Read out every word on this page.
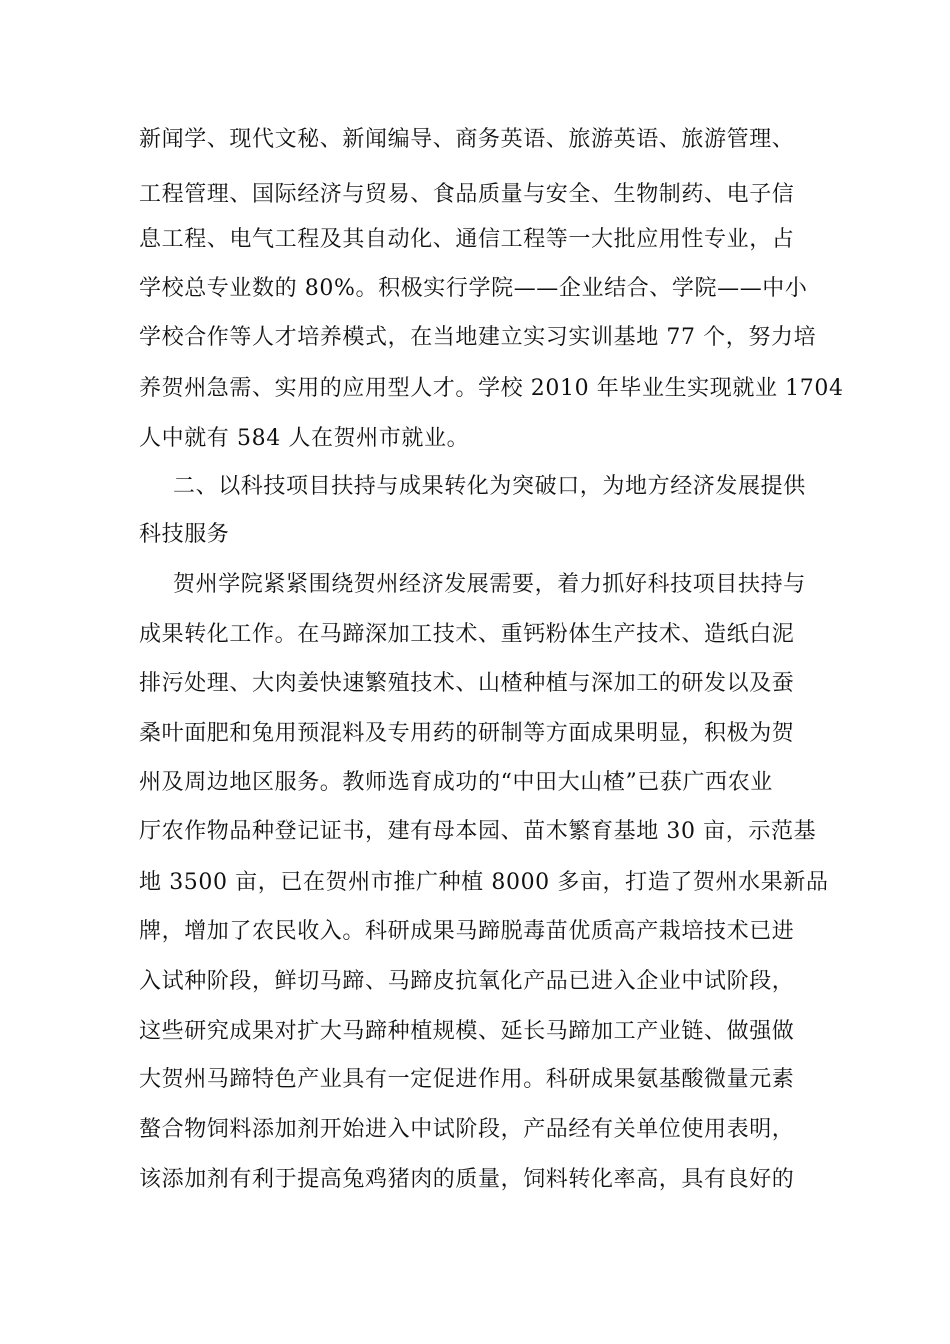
新闻学、现代文秘、新闻编导、商务英语、旅游英语、旅游管理、
工程管理、国际经济与贸易、食品质量与安全、生物制药、电子信
息工程、电气工程及其自动化、通信工程等一大批应用性专业，占
学校总专业数的 80%。积极实行学院——企业结合、学院——中小
学校合作等人才培养模式，在当地建立实习实训基地 77 个，努力培
养贺州急需、实用的应用型人才。学校 2010 年毕业生实现就业 1704
人中就有 584 人在贺州市就业。
二、以科技项目扶持与成果转化为突破口，为地方经济发展提供
科技服务
贺州学院紧紧围绕贺州经济发展需要，着力抓好科技项目扶持与
成果转化工作。在马蹄深加工技术、重钙粉体生产技术、造纸白泥
排污处理、大肉姜快速繁殖技术、山楂种植与深加工的研发以及蚕
桑叶面肥和兔用预混料及专用药的研制等方面成果明显，积极为贺
州及周边地区服务。教师选育成功的“中田大山楂”已获广西农业
厅农作物品种登记证书，建有母本园、苗木繁育基地 30 亩，示范基
地 3500 亩，已在贺州市推广种植 8000 多亩，打造了贺州水果新品
牌，增加了农民收入。科研成果马蹄脱毒苗优质高产栽培技术已进
入试种阶段，鲜切马蹄、马蹄皮抗氧化产品已进入企业中试阶段，
这些研究成果对扩大马蹄种植规模、延长马蹄加工产业链、做强做
大贺州马蹄特色产业具有一定促进作用。科研成果氨基酸微量元素
螯合物饲料添加剂开始进入中试阶段，产品经有关单位使用表明，
该添加剂有利于提高兔鸡猪肉的质量，饲料转化率高，具有良好的
